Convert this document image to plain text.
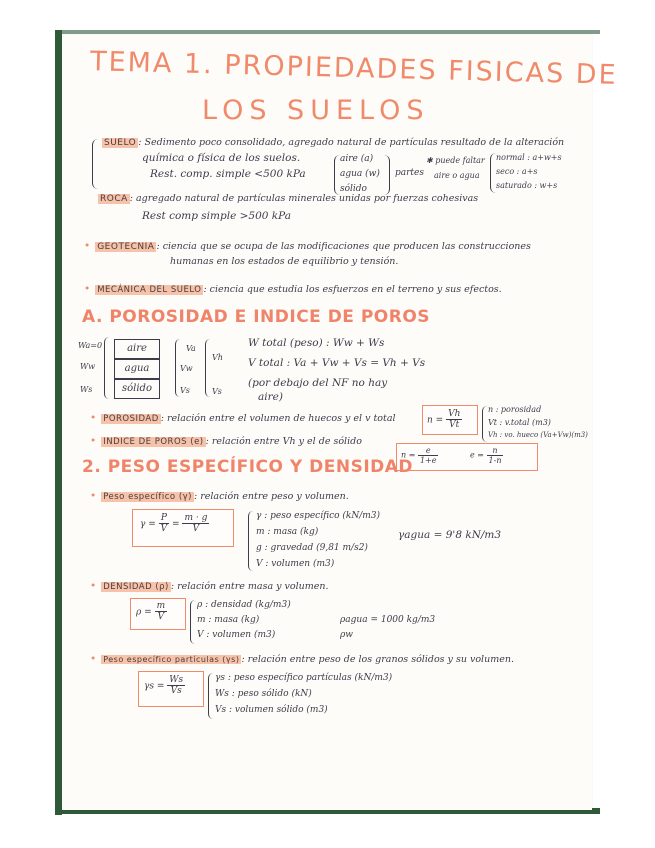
TEMA 1. PROPIEDADES FISICAS DE
LOS SUELOS
SUELO : Sedimento poco consolidado, agregado natural de partículas resultado de la alteración
química o física de los suelos.
Rest. comp. simple <500 kPa
aire (a)
agua (w)
sólido
partes
✱ puede faltar
aire o agua
normal : a+w+s
seco : a+s
saturado : w+s
ROCA : agregado natural de partículas minerales unidas por fuerzas cohesivas
Rest comp simple >500 kPa
• GEOTECNIA : ciencia que se ocupa de las modificaciones que producen las construcciones
humanas en los estados de equilibrio y tensión.
• MECÁNICA DEL SUELO : ciencia que estudia los esfuerzos en el terreno y sus efectos.
A. POROSIDAD E INDICE DE POROS
Wa=0
Ww
Ws
aire
agua
sólido
Va
Vw
Vs
Vh
Vs
W total (peso) : Ww + Ws
V total : Va + Vw + Vs = Vh + Vs
(por debajo del NF no hay
aire)
• POROSIDAD : relación entre el volumen de huecos y el v total	$n = \frac{Vh}{Vt}$	n : porosidad
Vt : v.total (m3)
Vh : vo. hueco (Va+Vw)(m3)
• INDICE DE POROS (e) : relación entre Vh y el de sólido
$n = \frac{e}{1+e}$	$e = \frac{n}{1-n}$
2. PESO ESPECÍFICO Y DENSIDAD
• Peso específico (γ) : relación entre peso y volumen.
$\gamma = \frac{P}{V} = \frac{m \cdot g}{V}$	γ : peso específico (kN/m3)
m : masa (kg)
g : gravedad (9,81 m/s2)
V : volumen (m3)
γagua = 9'8 kN/m3
• DENSIDAD (ρ) : relación entre masa y volumen.
$\rho = \frac{m}{V}$	ρ : densidad (kg/m3)
m : masa (kg)
V : volumen (m3)
ρagua = 1000 kg/m3
ρw
• Peso específico partículas (γs) : relación entre peso de los granos sólidos y su volumen.
$\gamma s = \frac{Ws}{Vs}$	γs : peso específico partículas (kN/m3)
Ws : peso sólido (kN)
Vs : volumen sólido (m3)
